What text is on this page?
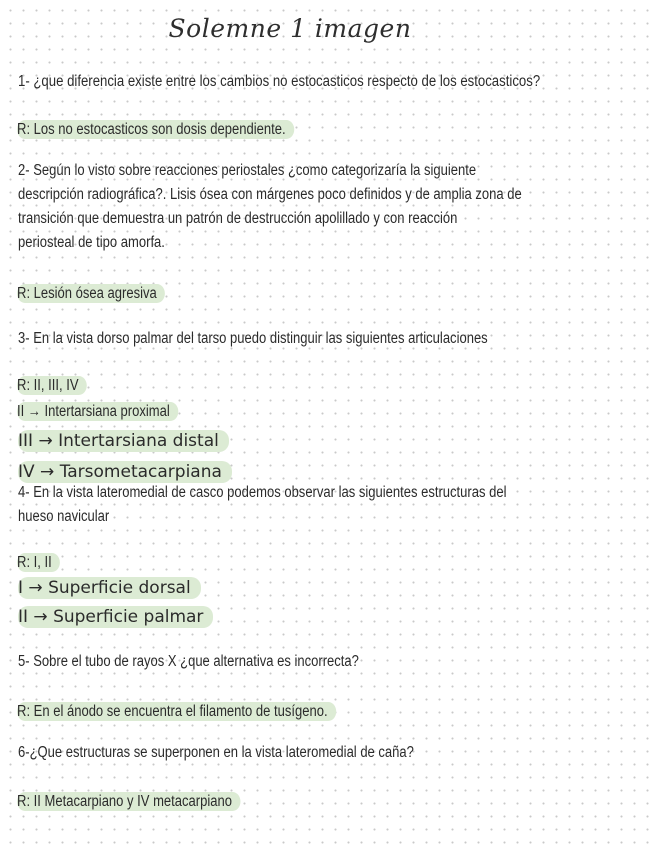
Solemne 1 imagen
1- ¿que diferencia existe entre los cambios no estocasticos respecto de los estocasticos?
R: Los no estocasticos son dosis dependiente.
2- Según lo visto sobre reacciones periostales ¿como categorizaría la siguiente
descripción radiográfica?. Lisis ósea con márgenes poco definidos y de amplia zona de
transición que demuestra un patrón de destrucción apolillado y con reacción
periosteal de tipo amorfa.
R: Lesión ósea agresiva
3- En la vista dorso palmar del tarso puedo distinguir las siguientes articulaciones
R: II, III, IV
II → Intertarsiana proximal
III → Intertarsiana distal
IV → Tarsometacarpiana
4- En la vista lateromedial de casco podemos observar las siguientes estructuras del
hueso navicular
R: I, II
I → Superficie dorsal
II → Superficie palmar
5- Sobre el tubo de rayos X ¿que alternativa es incorrecta?
R: En el ánodo se encuentra el filamento de tusígeno.
6-¿Que estructuras se superponen en la vista lateromedial de caña?
R: II Metacarpiano y IV metacarpiano
